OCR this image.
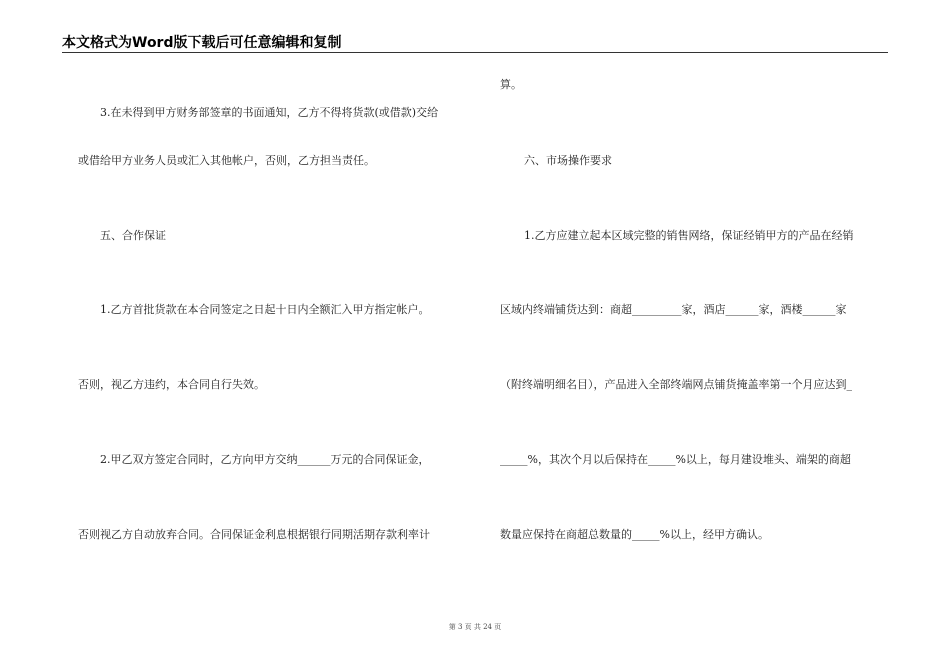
本文格式为Word版下载后可任意编辑和复制
3.在未得到甲方财务部签章的书面通知，乙方不得将货款(或借款)交给
或借给甲方业务人员或汇入其他帐户，否则，乙方担当责任。
五、合作保证
1.乙方首批货款在本合同签定之日起十日内全额汇入甲方指定帐户。
否则，视乙方违约，本合同自行失效。
2.甲乙双方签定合同时，乙方向甲方交纳______万元的合同保证金，
否则视乙方自动放弃合同。合同保证金利息根据银行同期活期存款利率计
算。
六、市场操作要求
1.乙方应建立起本区域完整的销售网络，保证经销甲方的产品在经销
区域内终端铺货达到：商超_________家，酒店______家，酒楼______家
（附终端明细名目），产品进入全部终端网点铺货掩盖率第一个月应达到_
_____%，其次个月以后保持在_____%以上，每月建设堆头、端架的商超
数量应保持在商超总数量的_____%以上，经甲方确认。
第 3 页 共 24 页
